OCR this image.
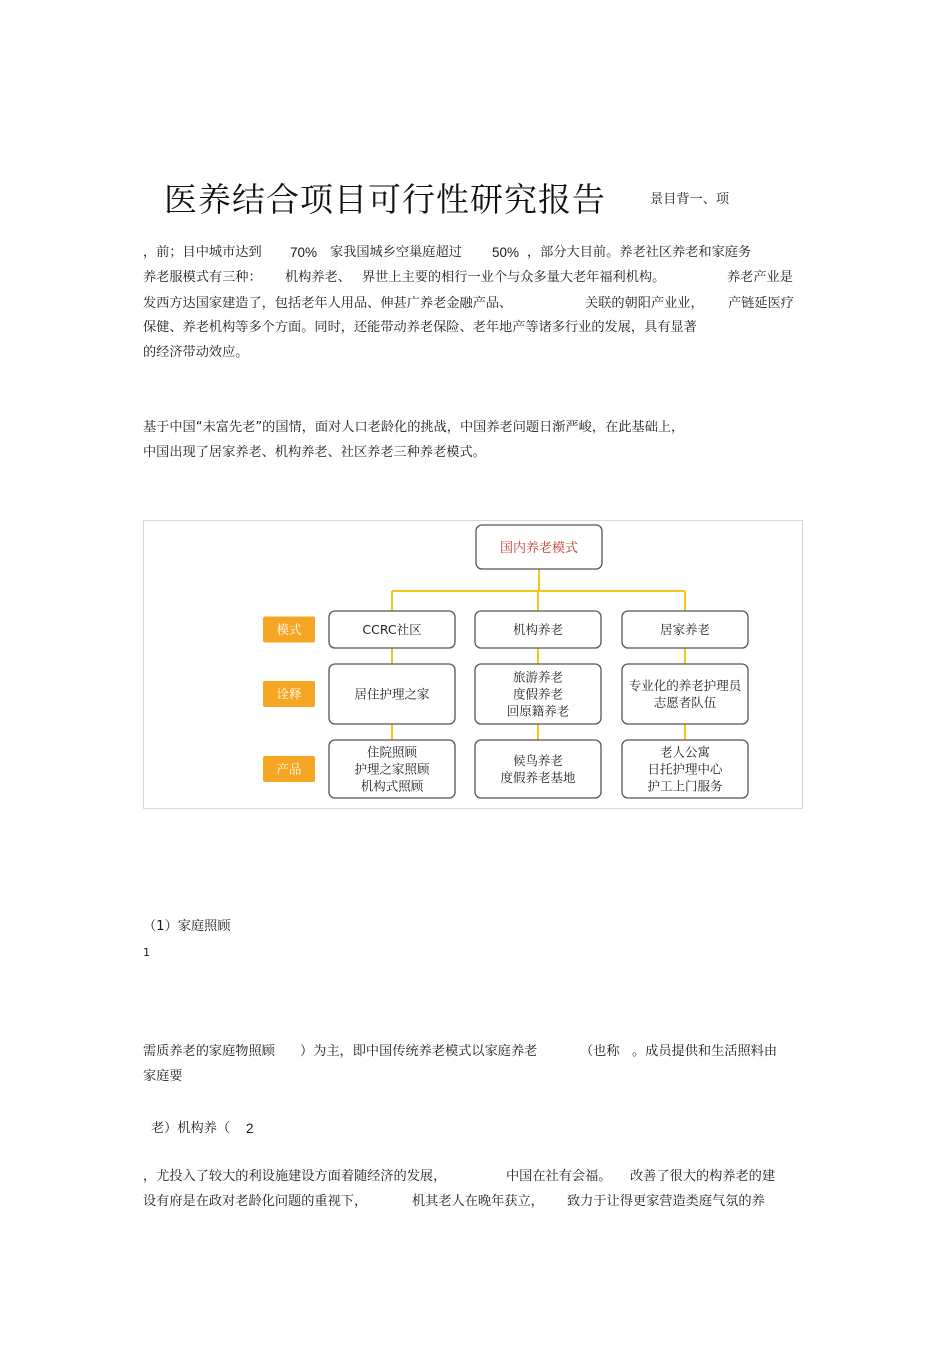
医养结合项目可行性研究报告	景目背一、项
，前；目中城市达到 70% 家我国城乡空巢庭超过 50% ，部分大目前。养老社区养老和家庭务
养老服模式有三种： 机构养老、 界世上主要的相行一业个与众多量大老年福利机构。	养老产业是
发西方达国家建造了，包括老年人用品、伸甚广养老金融产品、	关联的朝阳产业业， 产链延医疗
保健、养老机构等多个方面。同时，还能带动养老保险、老年地产等诸多行业的发展，具有显著
的经济带动效应。
基于中国“未富先老”的国情，面对人口老龄化的挑战，中国养老问题日渐严峻，在此基础上，
中国出现了居家养老、机构养老、社区养老三种养老模式。
国内养老模式
模式
诠释
产品
CCRC社区
居住护理之家
住院照顾
护理之家照顾
机构式照顾
机构养老
旅游养老
度假养老
回原籍养老
候鸟养老
度假养老基地
居家养老
专业化的养老护理员
志愿者队伍
老人公寓
日托护理中心
护工上门服务
（1）家庭照顾
1
需质养老的家庭物照顾 ）为主，即中国传统养老模式以家庭养老	（也称 。成员提供和生活照料由
家庭要
老）机构养（ 2
，尤投入了较大的利设施建设方面着随经济的发展，	中国在社有会福。 改善了很大的构养老的建
设有府是在政对老龄化问题的重视下，	机其老人在晚年获立， 致力于让得更家营造类庭气氛的养
